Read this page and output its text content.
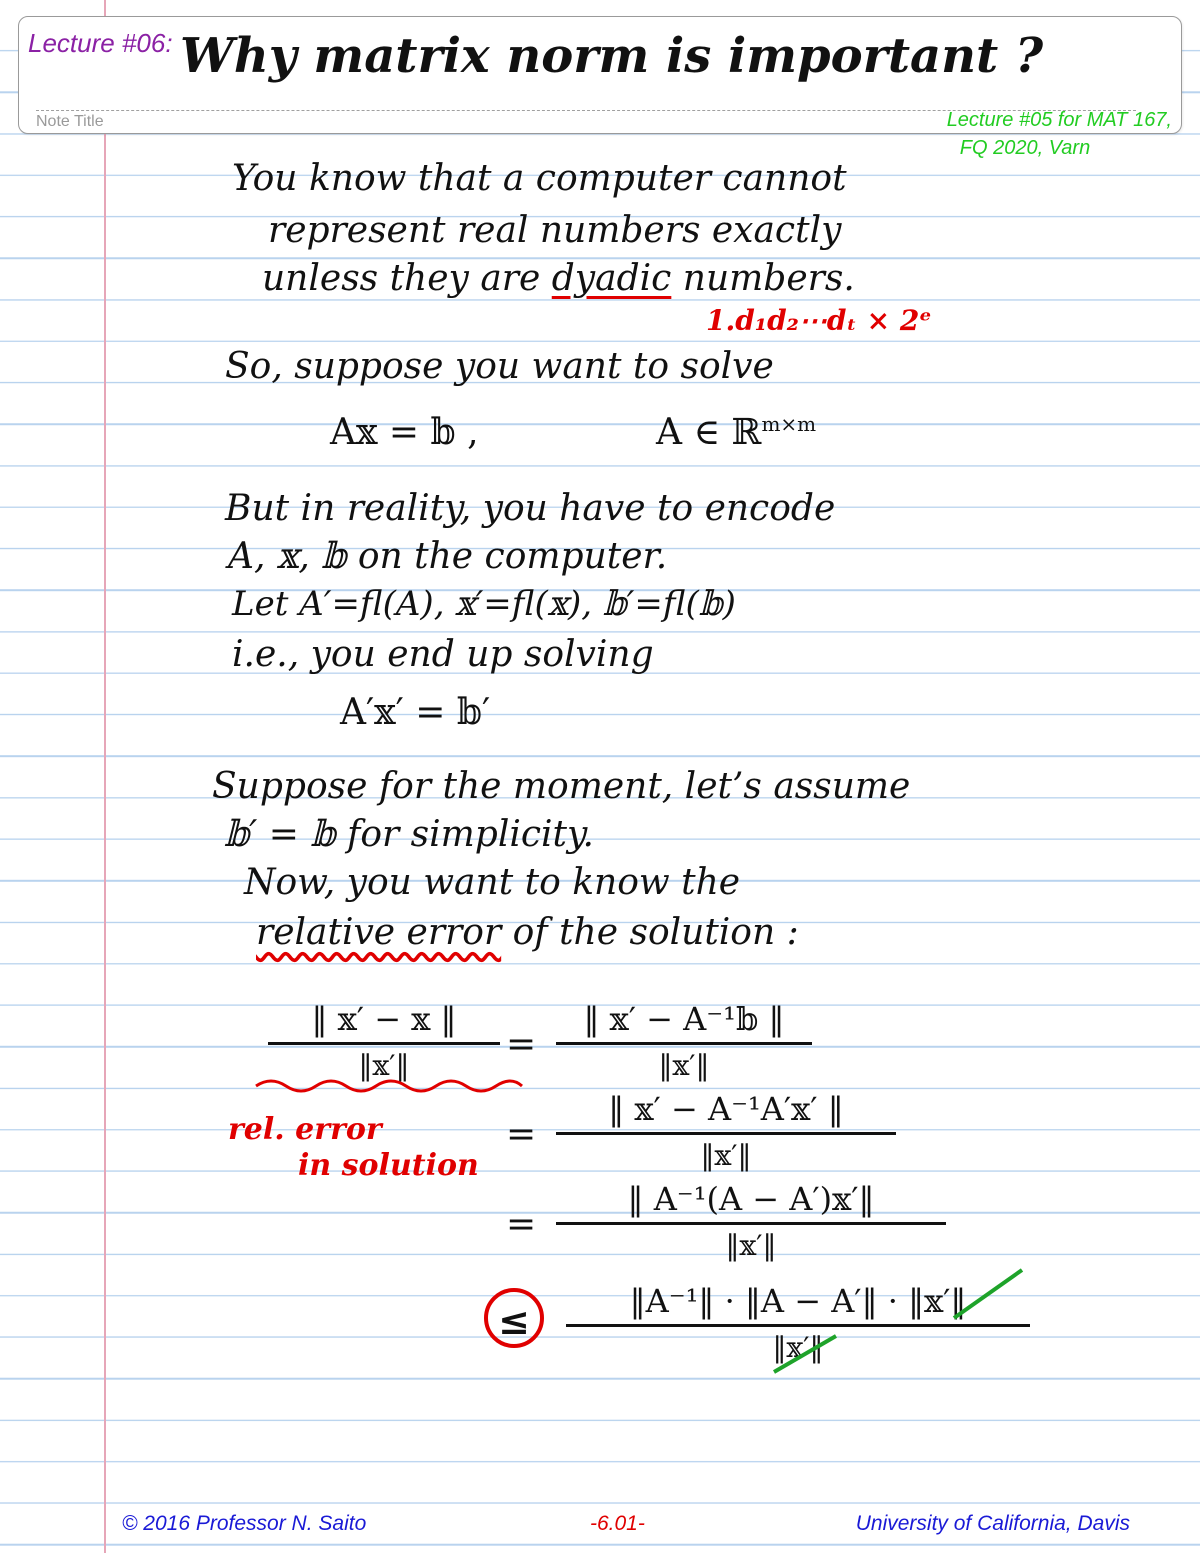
Lecture #06: Why matrix norm is important ?
Note Title	Lecture #05 for MAT 167,
FQ 2020, Varn

You know that a computer cannot

represent real numbers exactly

unless they are dyadic numbers.

1.d₁d₂⋯dₜ × 2ᵉ

So, suppose you want to solve

A𝕩 = 𝕓 ,	A ∈ ℝ$^{m\times m}$

But in reality, you have to encode

A, 𝕩, 𝕓 on the computer.

Let A′=fl(A), 𝕩′=fl(𝕩), 𝕓′=fl(𝕓)

i.e., you end up solving

A′𝕩′ = 𝕓′

Suppose for the moment, let’s assume

𝕓′ = 𝕓 for simplicity.

Now, you want to know the

relative error of the solution :

‖ 𝕩′ − 𝕩 ‖
‖𝕩′‖
=
‖ 𝕩′ − A⁻¹𝕓 ‖
‖𝕩′‖

rel. error

in solution

=
‖ 𝕩′ − A⁻¹A′𝕩′ ‖
‖𝕩′‖
=
‖ A⁻¹(A − A′)𝕩′‖
‖𝕩′‖
≤	‖A⁻¹‖ · ‖A − A′‖ · ‖𝕩′‖
‖𝕩′‖
© 2016 Professor N. Saito	-6.01-	University of California, Davis
